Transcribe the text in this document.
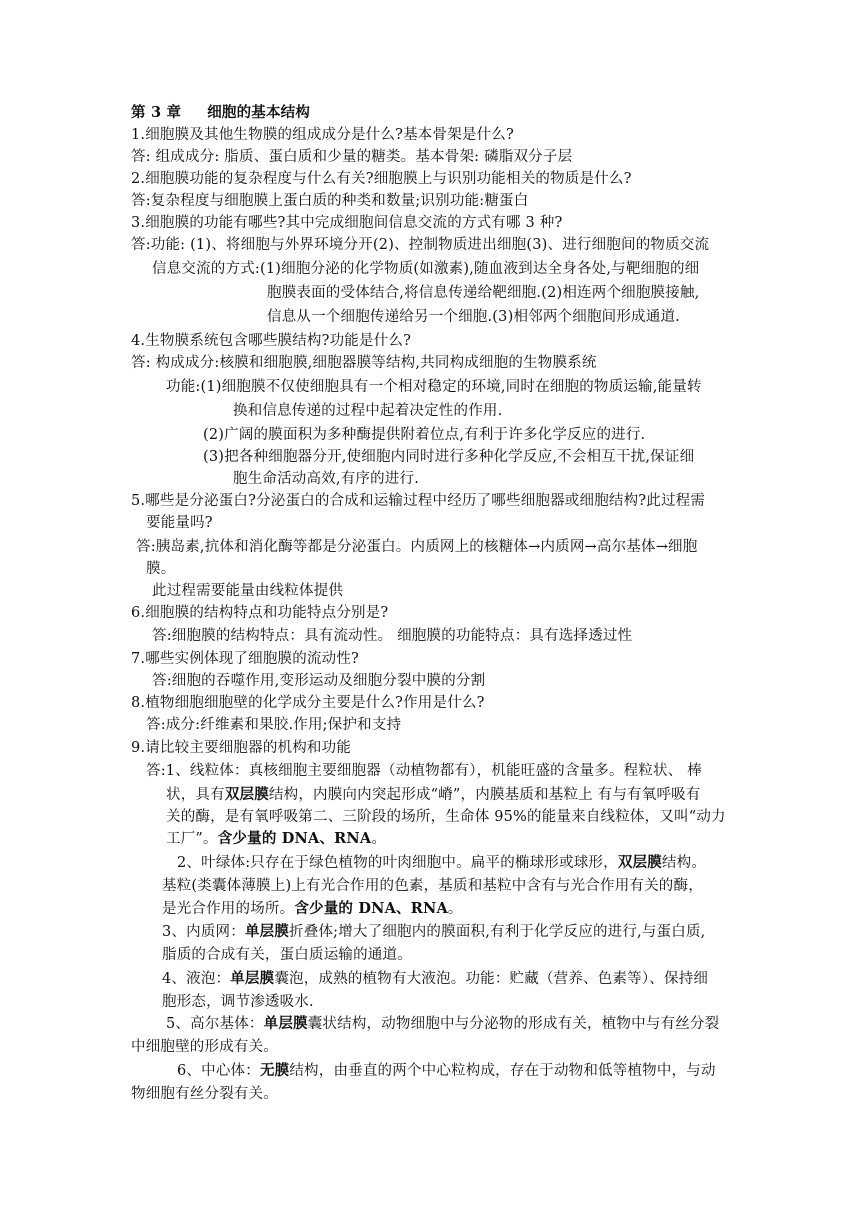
第 3 章 细胞的基本结构
1.细胞膜及其他生物膜的组成成分是什么?基本骨架是什么?
答: 组成成分: 脂质、蛋白质和少量的糖类。基本骨架: 磷脂双分子层
2.细胞膜功能的复杂程度与什么有关?细胞膜上与识别功能相关的物质是什么?
答:复杂程度与细胞膜上蛋白质的种类和数量;识别功能:糖蛋白
3.细胞膜的功能有哪些?其中完成细胞间信息交流的方式有哪 3 种?
答:功能: (1)、将细胞与外界环境分开(2)、控制物质进出细胞(3)、进行细胞间的物质交流
信息交流的方式:(1)细胞分泌的化学物质(如激素),随血液到达全身各处,与靶细胞的细
胞膜表面的受体结合,将信息传递给靶细胞.(2)相连两个细胞膜接触,
信息从一个细胞传递给另一个细胞.(3)相邻两个细胞间形成通道.
4.生物膜系统包含哪些膜结构?功能是什么?
答: 构成成分:核膜和细胞膜,细胞器膜等结构,共同构成细胞的生物膜系统
功能:(1)细胞膜不仅使细胞具有一个相对稳定的环境,同时在细胞的物质运输,能量转
换和信息传递的过程中起着决定性的作用.
(2)广阔的膜面积为多种酶提供附着位点,有利于许多化学反应的进行.
(3)把各种细胞器分开,使细胞内同时进行多种化学反应,不会相互干扰,保证细
胞生命活动高效,有序的进行.
5.哪些是分泌蛋白?分泌蛋白的合成和运输过程中经历了哪些细胞器或细胞结构?此过程需
要能量吗?
答:胰岛素,抗体和消化酶等都是分泌蛋白。内质网上的核糖体→内质网→高尔基体→细胞
膜。
此过程需要能量由线粒体提供
6.细胞膜的结构特点和功能特点分别是?
答:细胞膜的结构特点：具有流动性。 细胞膜的功能特点：具有选择透过性
7.哪些实例体现了细胞膜的流动性?
答:细胞的吞噬作用,变形运动及细胞分裂中膜的分割
8.植物细胞细胞壁的化学成分主要是什么?作用是什么?
答:成分:纤维素和果胶.作用;保护和支持
9.请比较主要细胞器的机构和功能
答:1、线粒体：真核细胞主要细胞器（动植物都有），机能旺盛的含量多。程粒状、 棒
状，具有双层膜结构，内膜向内突起形成“嵴”，内膜基质和基粒上 有与有氧呼吸有
关的酶，是有氧呼吸第二、三阶段的场所，生命体 95%的能量来自线粒体，又叫“动力
工厂”。含少量的 DNA、RNA。
2、叶绿体:只存在于绿色植物的叶肉细胞中。扁平的椭球形或球形，双层膜结构。
基粒(类囊体薄膜上)上有光合作用的色素，基质和基粒中含有与光合作用有关的酶，
是光合作用的场所。含少量的 DNA、RNA。
3、内质网：单层膜折叠体;增大了细胞内的膜面积,有利于化学反应的进行,与蛋白质,
脂质的合成有关，蛋白质运输的通道。
4、液泡：单层膜囊泡，成熟的植物有大液泡。功能：贮藏（营养、色素等）、保持细
胞形态，调节渗透吸水.
5、高尔基体：单层膜囊状结构，动物细胞中与分泌物的形成有关，植物中与有丝分裂
中细胞壁的形成有关。
6、中心体：无膜结构，由垂直的两个中心粒构成，存在于动物和低等植物中，与动
物细胞有丝分裂有关。
